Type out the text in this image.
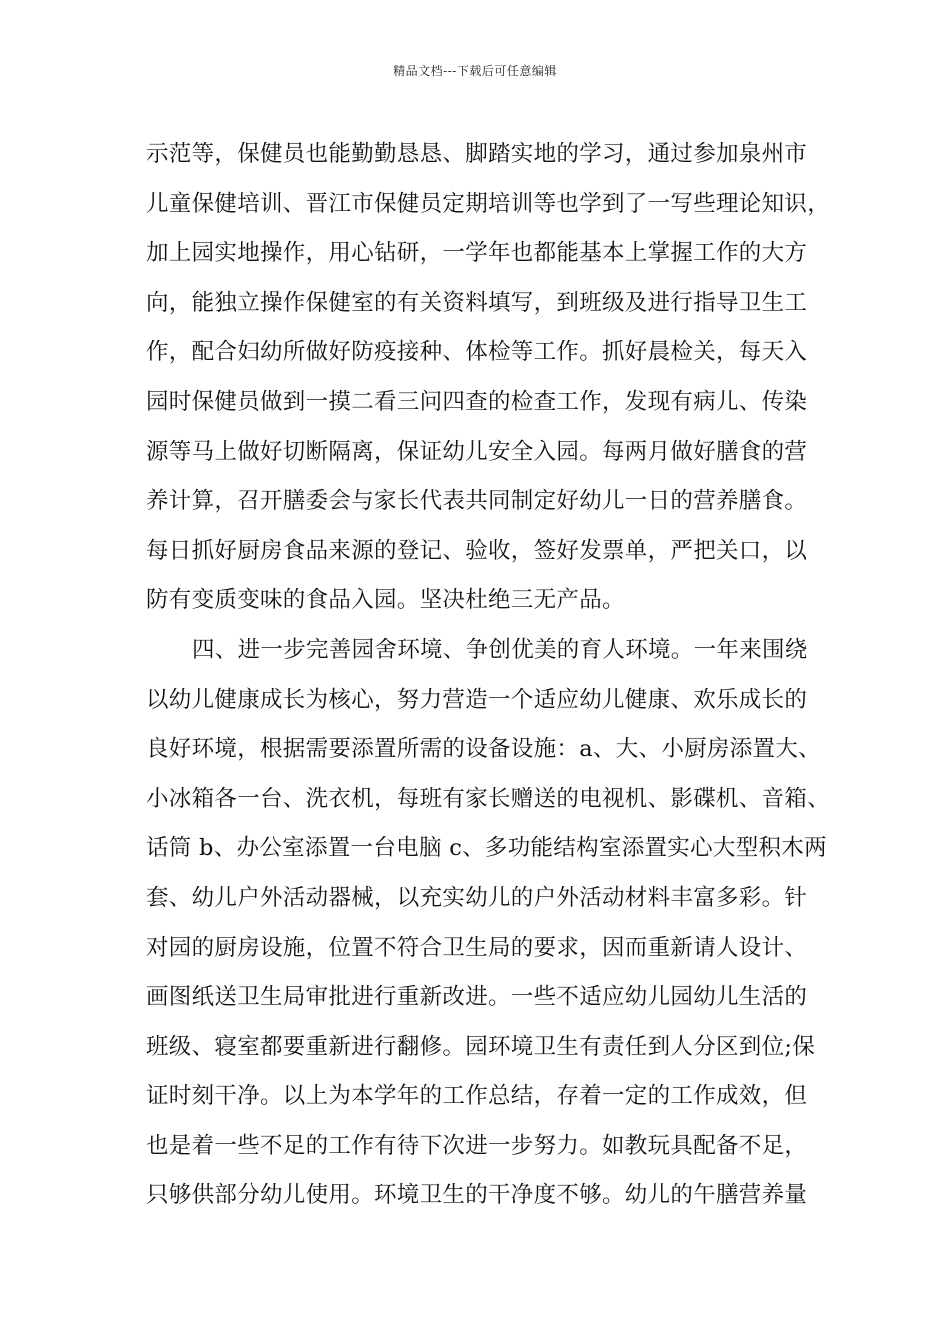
精品文档---下载后可任意编辑
示范等，保健员也能勤勤恳恳、脚踏实地的学习，通过参加泉州市
儿童保健培训、晋江市保健员定期培训等也学到了一写些理论知识，
加上园实地操作，用心钻研，一学年也都能基本上掌握工作的大方
向，能独立操作保健室的有关资料填写，到班级及进行指导卫生工
作，配合妇幼所做好防疫接种、体检等工作。抓好晨检关，每天入
园时保健员做到一摸二看三问四查的检查工作，发现有病儿、传染
源等马上做好切断隔离，保证幼儿安全入园。每两月做好膳食的营
养计算，召开膳委会与家长代表共同制定好幼儿一日的营养膳食。
每日抓好厨房食品来源的登记、验收，签好发票单，严把关口，以
防有变质变味的食品入园。坚决杜绝三无产品。
四、进一步完善园舍环境、争创优美的育人环境。一年来围绕
以幼儿健康成长为核心，努力营造一个适应幼儿健康、欢乐成长的
良好环境，根据需要添置所需的设备设施：a、大、小厨房添置大、
小冰箱各一台、洗衣机，每班有家长赠送的电视机、影碟机、音箱、
话筒 b、办公室添置一台电脑 c、多功能结构室添置实心大型积木两
套、幼儿户外活动器械，以充实幼儿的户外活动材料丰富多彩。针
对园的厨房设施，位置不符合卫生局的要求，因而重新请人设计、
画图纸送卫生局审批进行重新改进。一些不适应幼儿园幼儿生活的
班级、寝室都要重新进行翻修。园环境卫生有责任到人分区到位;保
证时刻干净。以上为本学年的工作总结，存着一定的工作成效，但
也是着一些不足的工作有待下次进一步努力。如教玩具配备不足，
只够供部分幼儿使用。环境卫生的干净度不够。幼儿的午膳营养量
